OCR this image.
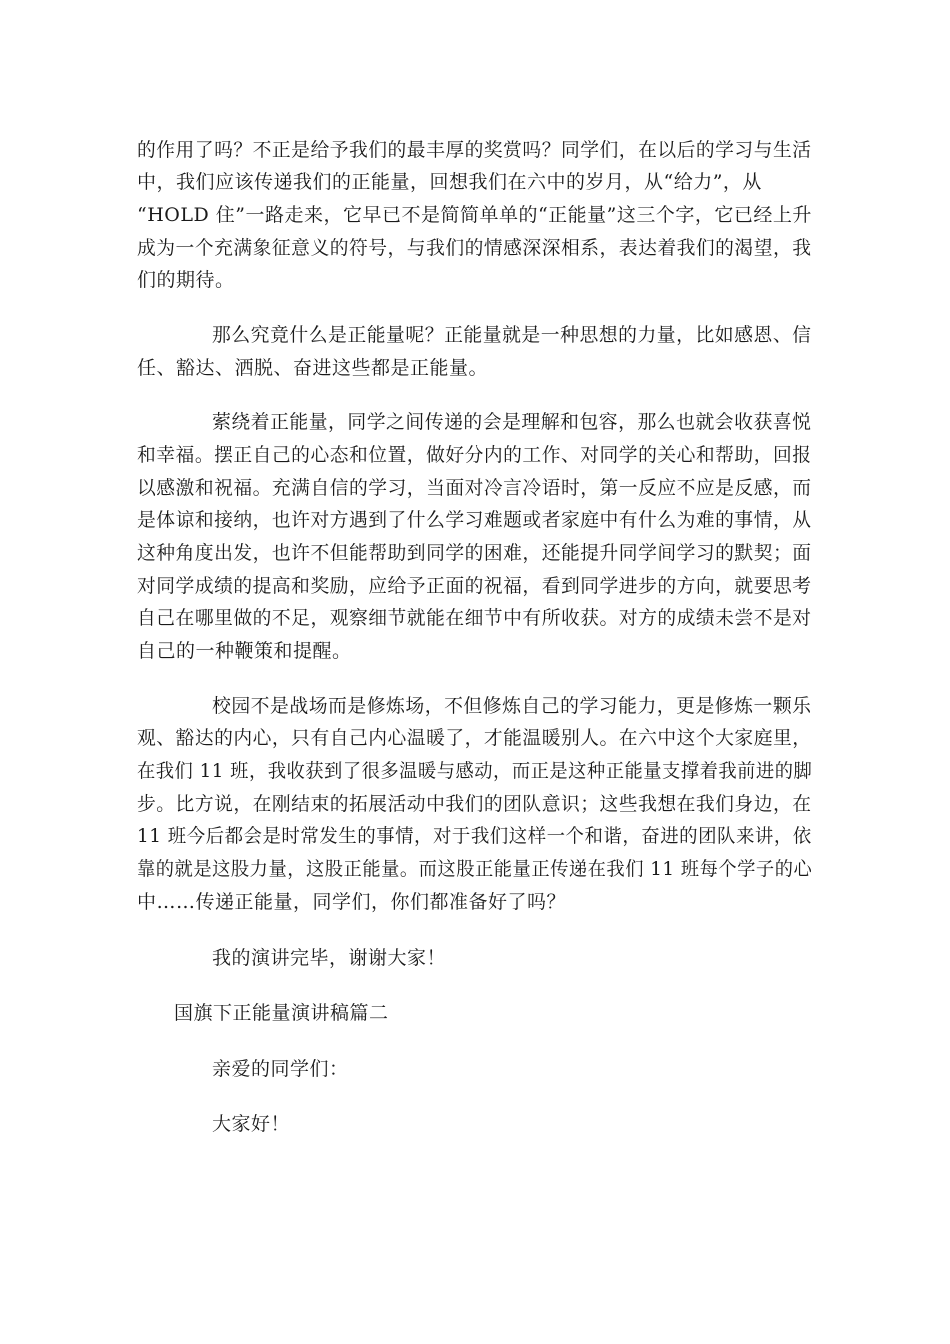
的作用了吗？不正是给予我们的最丰厚的奖赏吗？同学们，在以后的学习与生活
中，我们应该传递我们的正能量，回想我们在六中的岁月，从“给力”，从
“HOLD 住”一路走来，它早已不是简简单单的“正能量”这三个字，它已经上升
成为一个充满象征意义的符号，与我们的情感深深相系，表达着我们的渴望，我
们的期待。
那么究竟什么是正能量呢？正能量就是一种思想的力量，比如感恩、信
任、豁达、洒脱、奋进这些都是正能量。
萦绕着正能量，同学之间传递的会是理解和包容，那么也就会收获喜悦
和幸福。摆正自己的心态和位置，做好分内的工作、对同学的关心和帮助，回报
以感激和祝福。充满自信的学习，当面对冷言冷语时，第一反应不应是反感，而
是体谅和接纳，也许对方遇到了什么学习难题或者家庭中有什么为难的事情，从
这种角度出发，也许不但能帮助到同学的困难，还能提升同学间学习的默契；面
对同学成绩的提高和奖励，应给予正面的祝福，看到同学进步的方向，就要思考
自己在哪里做的不足，观察细节就能在细节中有所收获。对方的成绩未尝不是对
自己的一种鞭策和提醒。
校园不是战场而是修炼场，不但修炼自己的学习能力，更是修炼一颗乐
观、豁达的内心，只有自己内心温暖了，才能温暖别人。在六中这个大家庭里，
在我们 11 班，我收获到了很多温暖与感动，而正是这种正能量支撑着我前进的脚
步。比方说，在刚结束的拓展活动中我们的团队意识；这些我想在我们身边，在
11 班今后都会是时常发生的事情，对于我们这样一个和谐，奋进的团队来讲，依
靠的就是这股力量，这股正能量。而这股正能量正传递在我们 11 班每个学子的心
中……传递正能量，同学们，你们都准备好了吗？
我的演讲完毕，谢谢大家！
国旗下正能量演讲稿篇二
亲爱的同学们：
大家好！
